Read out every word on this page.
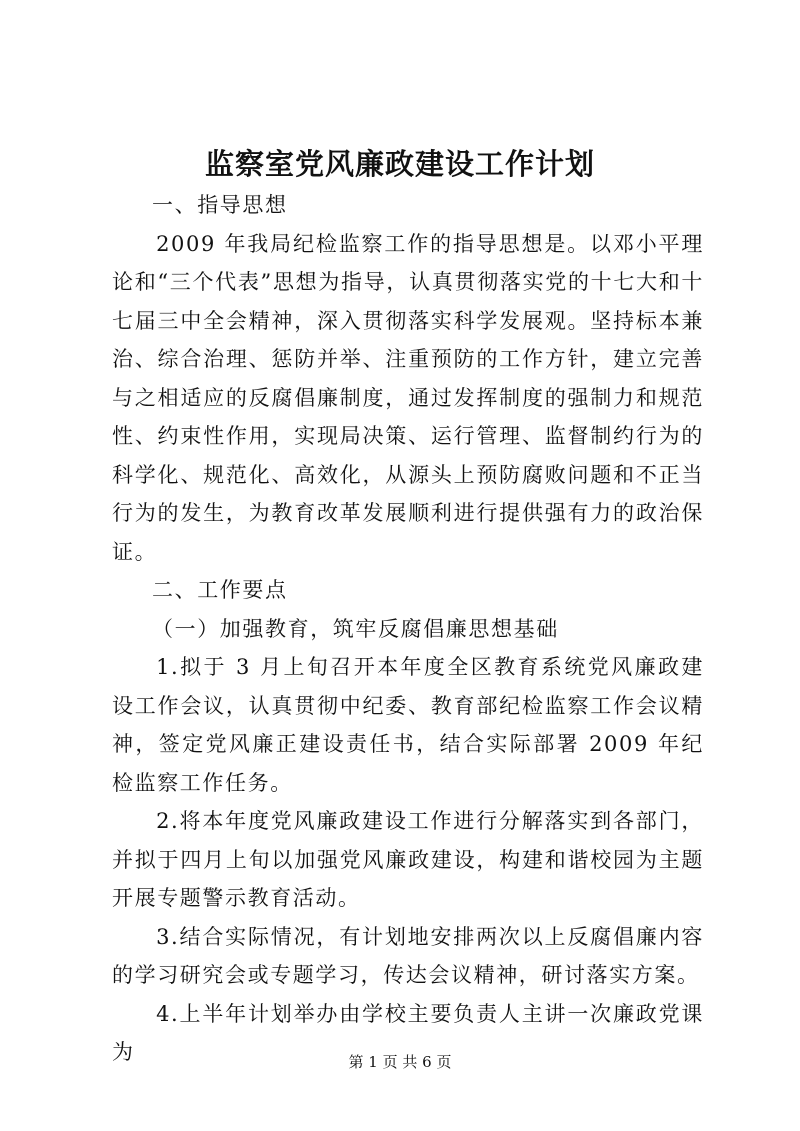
监察室党风廉政建设工作计划

一、指导思想

2009 年我局纪检监察工作的指导思想是。以邓小平理论和“三个代表”思想为指导，认真贯彻落实党的十七大和十七届三中全会精神，深入贯彻落实科学发展观。坚持标本兼治、综合治理、惩防并举、注重预防的工作方针，建立完善与之相适应的反腐倡廉制度，通过发挥制度的强制力和规范性、约束性作用，实现局决策、运行管理、监督制约行为的科学化、规范化、高效化，从源头上预防腐败问题和不正当行为的发生，为教育改革发展顺利进行提供强有力的政治保证。

二、工作要点

（一）加强教育，筑牢反腐倡廉思想基础

1.拟于 3 月上旬召开本年度全区教育系统党风廉政建设工作会议，认真贯彻中纪委、教育部纪检监察工作会议精神，签定党风廉正建设责任书，结合实际部署 2009 年纪检监察工作任务。

2.将本年度党风廉政建设工作进行分解落实到各部门，并拟于四月上旬以加强党风廉政建设，构建和谐校园为主题开展专题警示教育活动。

3.结合实际情况，有计划地安排两次以上反腐倡廉内容的学习研究会或专题学习，传达会议精神，研讨落实方案。

4.上半年计划举办由学校主要负责人主讲一次廉政党课为	第 1 页 共 6 页
